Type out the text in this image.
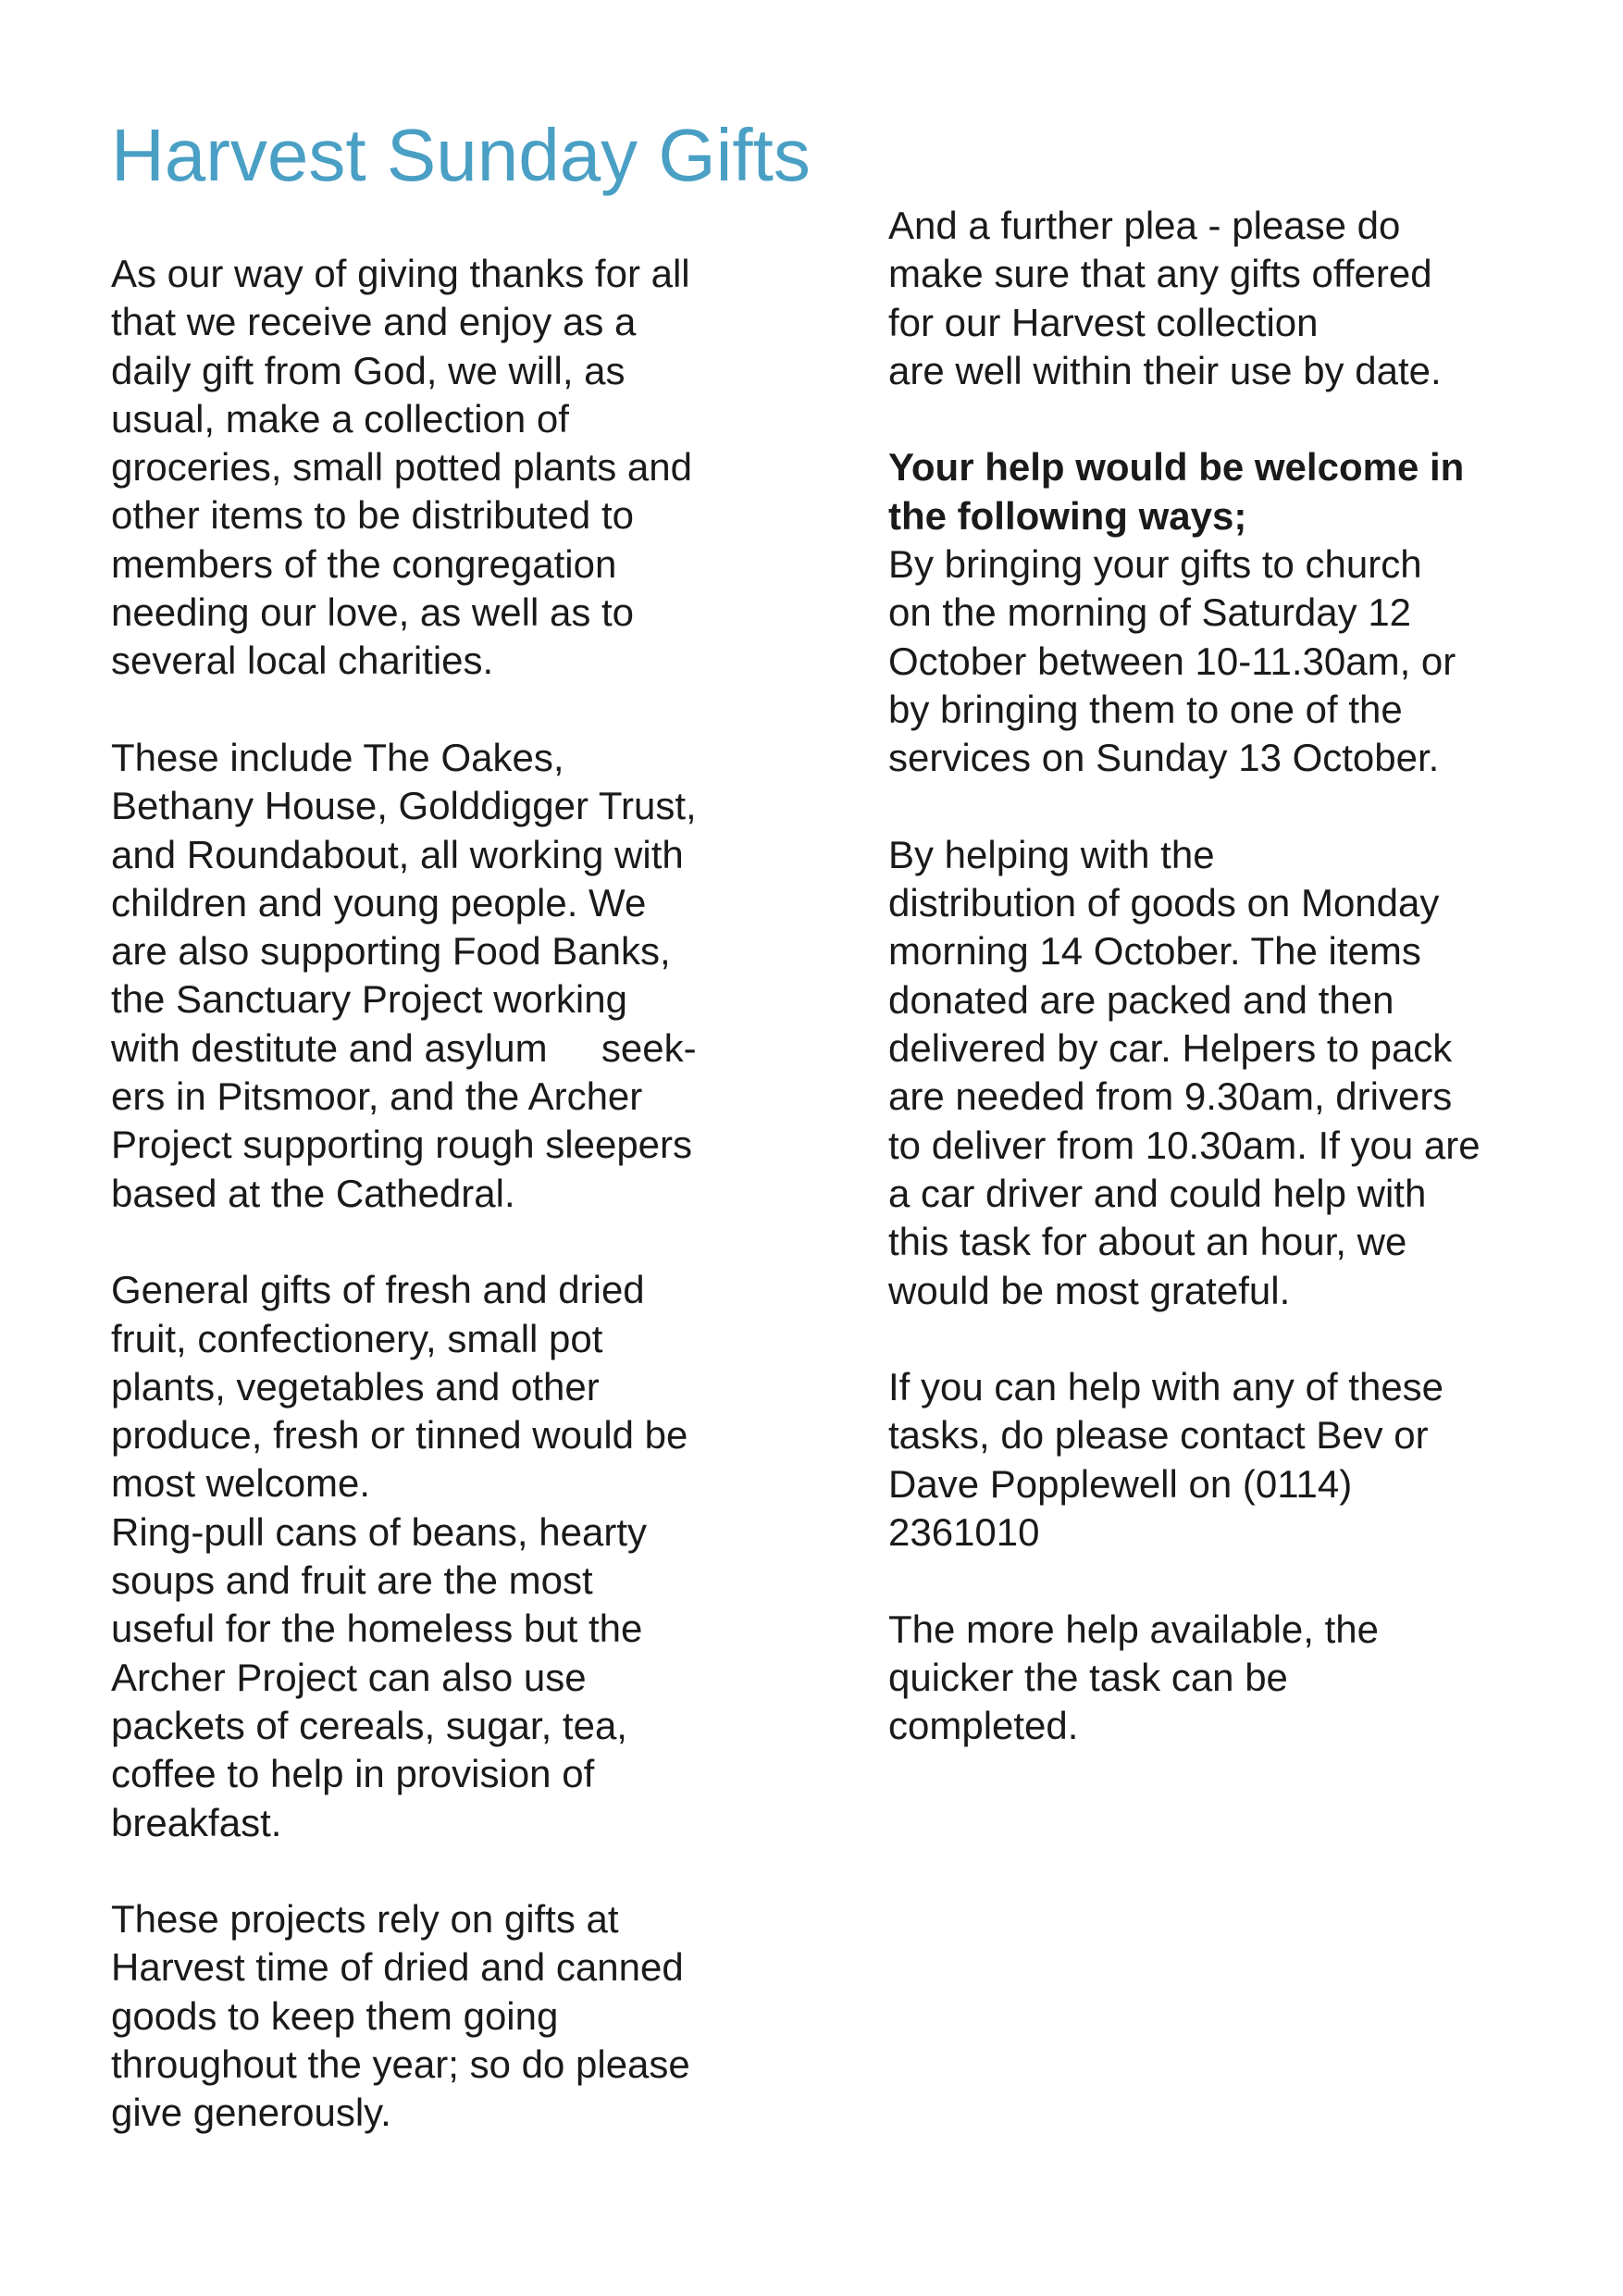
Harvest Sunday Gifts

As our way of giving thanks for all
that we receive and enjoy as a
daily gift from God, we will, as
usual, make a collection of
groceries, small potted plants and
other items to be distributed to
members of the congregation
needing our love, as well as to
several local charities.

These include The Oakes,
Bethany House, Golddigger Trust,
and Roundabout, all working with
children and young people. We
are also supporting Food Banks,
the Sanctuary Project working
with destitute and asylum     seek-
ers in Pitsmoor, and the Archer
Project supporting rough sleepers
based at the Cathedral.

General gifts of fresh and dried
fruit, confectionery, small pot
plants, vegetables and other
produce, fresh or tinned would be
most welcome.

Ring-pull cans of beans, hearty
soups and fruit are the most
useful for the homeless but the
Archer Project can also use
packets of cereals, sugar, tea,
coffee to help in provision of
breakfast.

These projects rely on gifts at
Harvest time of dried and canned
goods to keep them going
throughout the year; so do please
give generously.

And a further plea - please do
make sure that any gifts offered
for our Harvest collection
are well within their use by date.

Your help would be welcome in
the following ways;
By bringing your gifts to church
on the morning of Saturday 12
October between 10-11.30am, or
by bringing them to one of the
services on Sunday 13 October.

By helping with the
distribution of goods on Monday
morning 14 October. The items
donated are packed and then
delivered by car. Helpers to pack
are needed from 9.30am, drivers
to deliver from 10.30am. If you are
a car driver and could help with
this task for about an hour, we
would be most grateful.

If you can help with any of these
tasks, do please contact Bev or
Dave Popplewell on (0114)
2361010

The more help available, the
quicker the task can be
completed.
